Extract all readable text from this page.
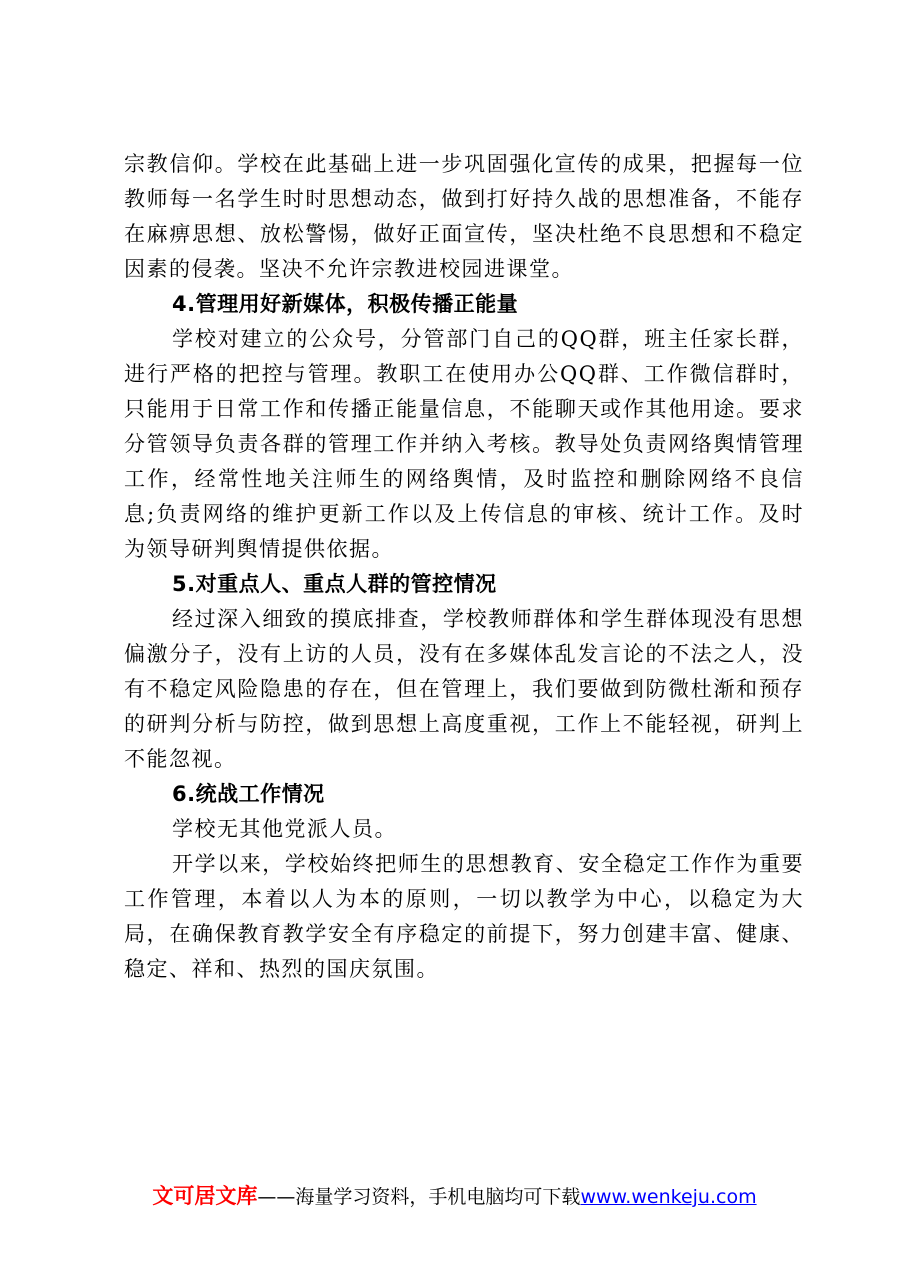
宗教信仰。学校在此基础上进一步巩固强化宣传的成果，把握每一位教师每一名学生时时思想动态，做到打好持久战的思想准备，不能存在麻痹思想、放松警惕，做好正面宣传，坚决杜绝不良思想和不稳定因素的侵袭。坚决不允许宗教进校园进课堂。

4.管理用好新媒体，积极传播正能量

学校对建立的公众号，分管部门自己的QQ群，班主任家长群，进行严格的把控与管理。教职工在使用办公QQ群、工作微信群时，只能用于日常工作和传播正能量信息，不能聊天或作其他用途。要求分管领导负责各群的管理工作并纳入考核。教导处负责网络舆情管理工作，经常性地关注师生的网络舆情，及时监控和删除网络不良信息;负责网络的维护更新工作以及上传信息的审核、统计工作。及时为领导研判舆情提供依据。

5.对重点人、重点人群的管控情况

经过深入细致的摸底排查，学校教师群体和学生群体现没有思想偏激分子，没有上访的人员，没有在多媒体乱发言论的不法之人，没有不稳定风险隐患的存在，但在管理上，我们要做到防微杜渐和预存的研判分析与防控，做到思想上高度重视，工作上不能轻视，研判上不能忽视。

6.统战工作情况

学校无其他党派人员。

开学以来，学校始终把师生的思想教育、安全稳定工作作为重要工作管理，本着以人为本的原则，一切以教学为中心，以稳定为大局，在确保教育教学安全有序稳定的前提下，努力创建丰富、健康、稳定、祥和、热烈的国庆氛围。

文可居文库——海量学习资料，手机电脑均可下载www.wenkeju.com
